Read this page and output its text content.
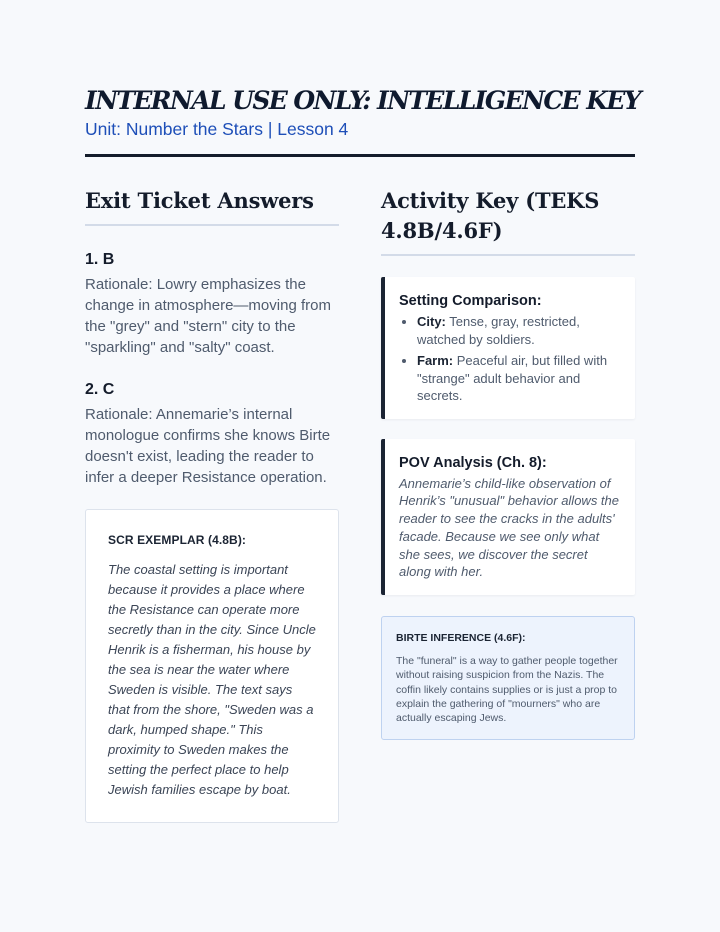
INTERNAL USE ONLY: INTELLIGENCE KEY
Unit: Number the Stars | Lesson 4
Exit Ticket Answers
1. B
Rationale: Lowry emphasizes the change in atmosphere—moving from the "grey" and "stern" city to the "sparkling" and "salty" coast.
2. C
Rationale: Annemarie’s internal monologue confirms she knows Birte doesn't exist, leading the reader to infer a deeper Resistance operation.
SCR EXEMPLAR (4.8B):
The coastal setting is important because it provides a place where the Resistance can operate more secretly than in the city. Since Uncle Henrik is a fisherman, his house by the sea is near the water where Sweden is visible. The text says that from the shore, "Sweden was a dark, humped shape." This proximity to Sweden makes the setting the perfect place to help Jewish families escape by boat.
Activity Key (TEKS 4.8B/4.6F)
Setting Comparison:
• City: Tense, gray, restricted, watched by soldiers.
• Farm: Peaceful air, but filled with "strange" adult behavior and secrets.
POV Analysis (Ch. 8):
Annemarie’s child-like observation of Henrik’s "unusual" behavior allows the reader to see the cracks in the adults' facade. Because we see only what she sees, we discover the secret along with her.
BIRTE INFERENCE (4.6F):
The "funeral" is a way to gather people together without raising suspicion from the Nazis. The coffin likely contains supplies or is just a prop to explain the gathering of "mourners" who are actually escaping Jews.
